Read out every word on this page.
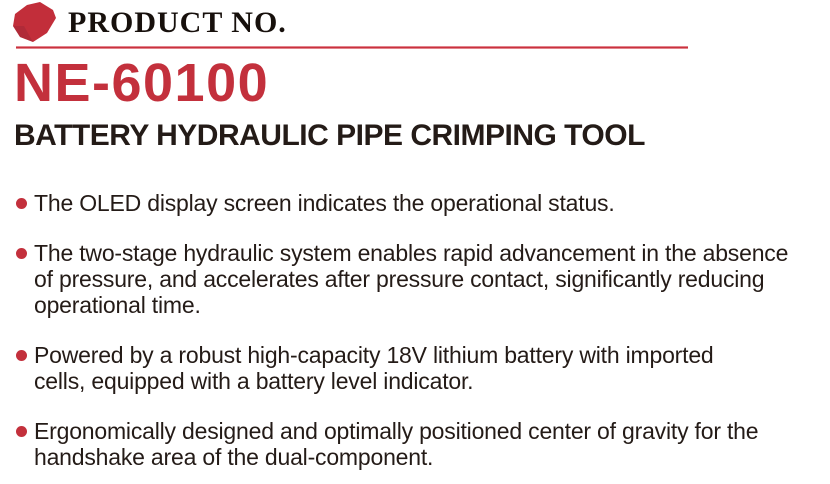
PRODUCT NO.
NE-60100
BATTERY HYDRAULIC PIPE CRIMPING TOOL
The OLED display screen indicates the operational status.
The two-stage hydraulic system enables rapid advancement in the absence of pressure, and accelerates after pressure contact, significantly reducing operational time.
Powered by a robust high-capacity 18V lithium battery with imported cells, equipped with a battery level indicator.
Ergonomically designed and optimally positioned center of gravity for the handshake area of the dual-component.
